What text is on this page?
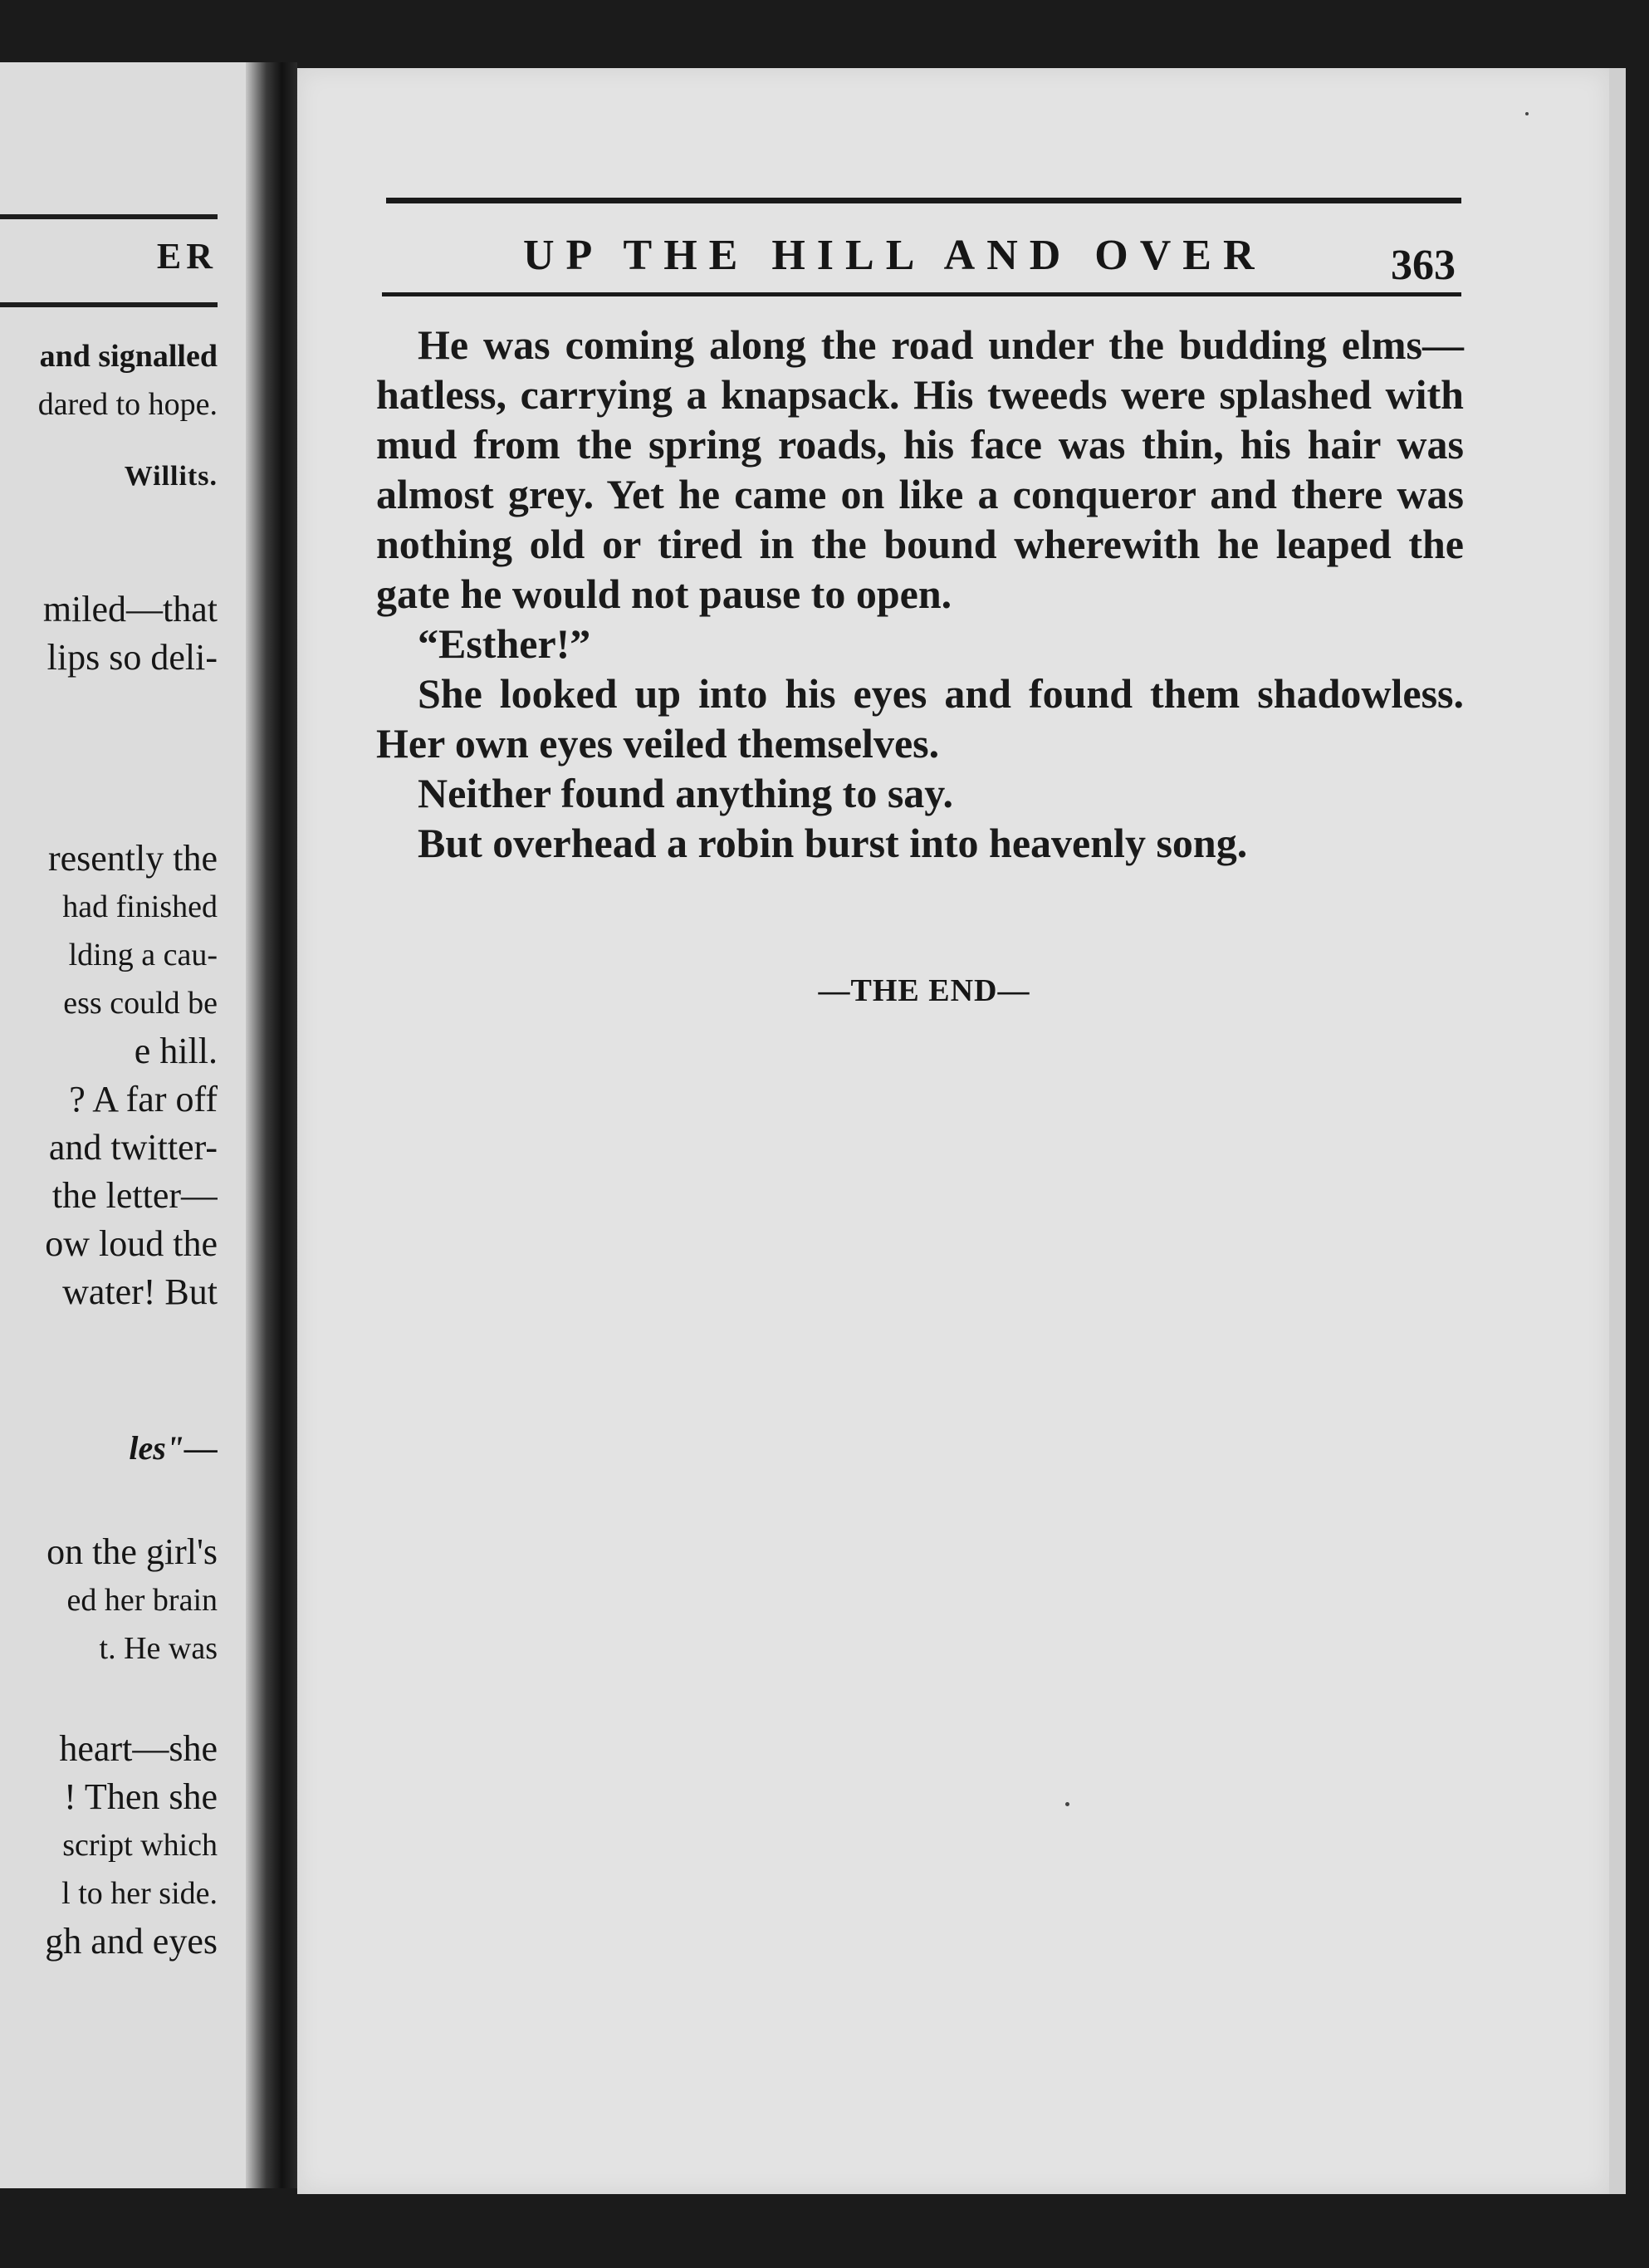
ER
and signalled
dared to hope.
Willits.
miled—that
lips so deli-
resently the
had finished
lding a cau-
ess could be
e hill.
? A far off
and twitter-
the letter—
ow loud the
water! But
les"—
on the girl's
ed her brain
t. He was
heart—she
! Then she
script which
l to her side.
gh and eyes
UP THE HILL AND OVER	363

He was coming along the road under the budding elms—hatless, carrying a knapsack. His tweeds were splashed with mud from the spring roads, his face was thin, his hair was almost grey. Yet he came on like a conqueror and there was nothing old or tired in the bound wherewith he leaped the gate he would not pause to open.

“Esther!”

She looked up into his eyes and found them shadowless. Her own eyes veiled themselves.

Neither found anything to say.

But overhead a robin burst into heavenly song.

—THE END—
